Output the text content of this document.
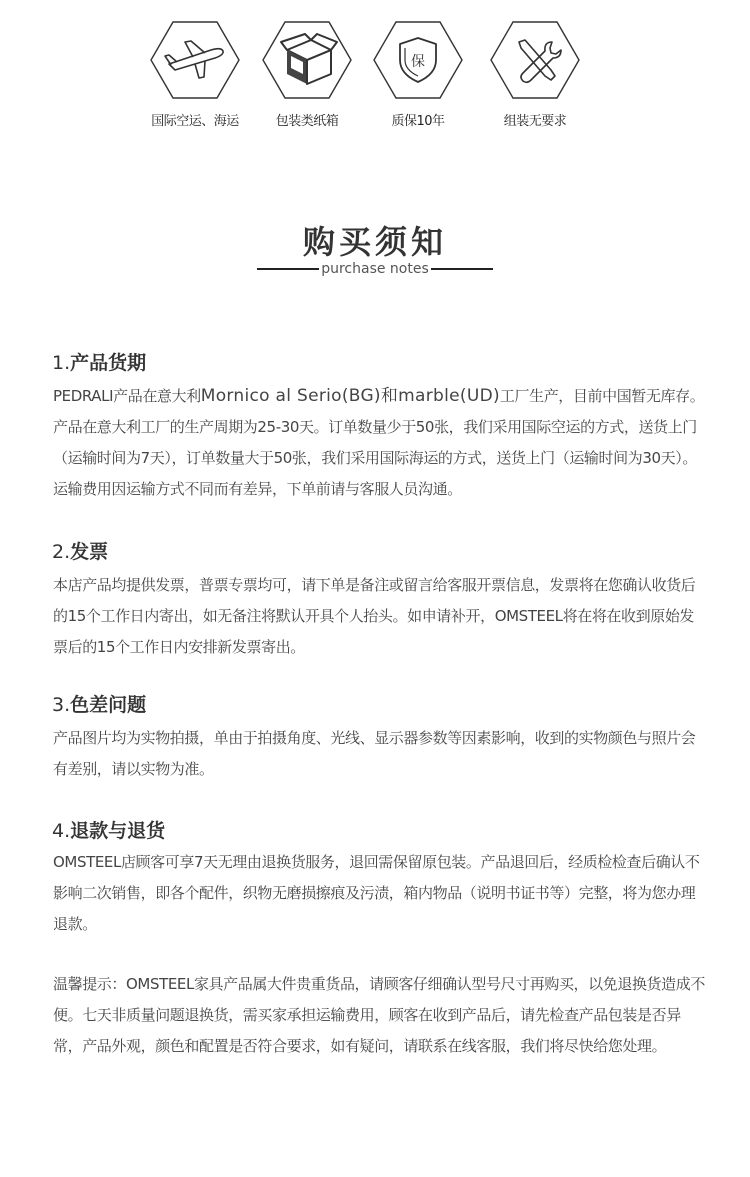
国际空运、海运	包装类纸箱
保
质保10年	组装无要求
购买须知
purchase notes
1.产品货期

PEDRALI产品在意大利Mornico al Serio(BG)和marble(UD)工厂生产，目前中国暂无库存。产品在意大利工厂的生产周期为25-30天。订单数量少于50张，我们采用国际空运的方式，送货上门（运输时间为7天），订单数量大于50张，我们采用国际海运的方式，送货上门（运输时间为30天）。运输费用因运输方式不同而有差异，下单前请与客服人员沟通。

2.发票

本店产品均提供发票，普票专票均可，请下单是备注或留言给客服开票信息，发票将在您确认收货后的15个工作日内寄出，如无备注将默认开具个人抬头。如申请补开，OMSTEEL将在将在收到原始发票后的15个工作日内安排新发票寄出。

3.色差问题

产品图片均为实物拍摄，单由于拍摄角度、光线、显示器参数等因素影响，收到的实物颜色与照片会有差别，请以实物为准。

4.退款与退货

OMSTEEL店顾客可享7天无理由退换货服务，退回需保留原包装。产品退回后，经质检检查后确认不影响二次销售，即各个配件，织物无磨损擦痕及污渍，箱内物品（说明书证书等）完整，将为您办理退款。

温馨提示：OMSTEEL家具产品属大件贵重货品，请顾客仔细确认型号尺寸再购买，以免退换货造成不便。七天非质量问题退换货，需买家承担运输费用，顾客在收到产品后，请先检查产品包装是否异常，产品外观，颜色和配置是否符合要求，如有疑问，请联系在线客服，我们将尽快给您处理。
